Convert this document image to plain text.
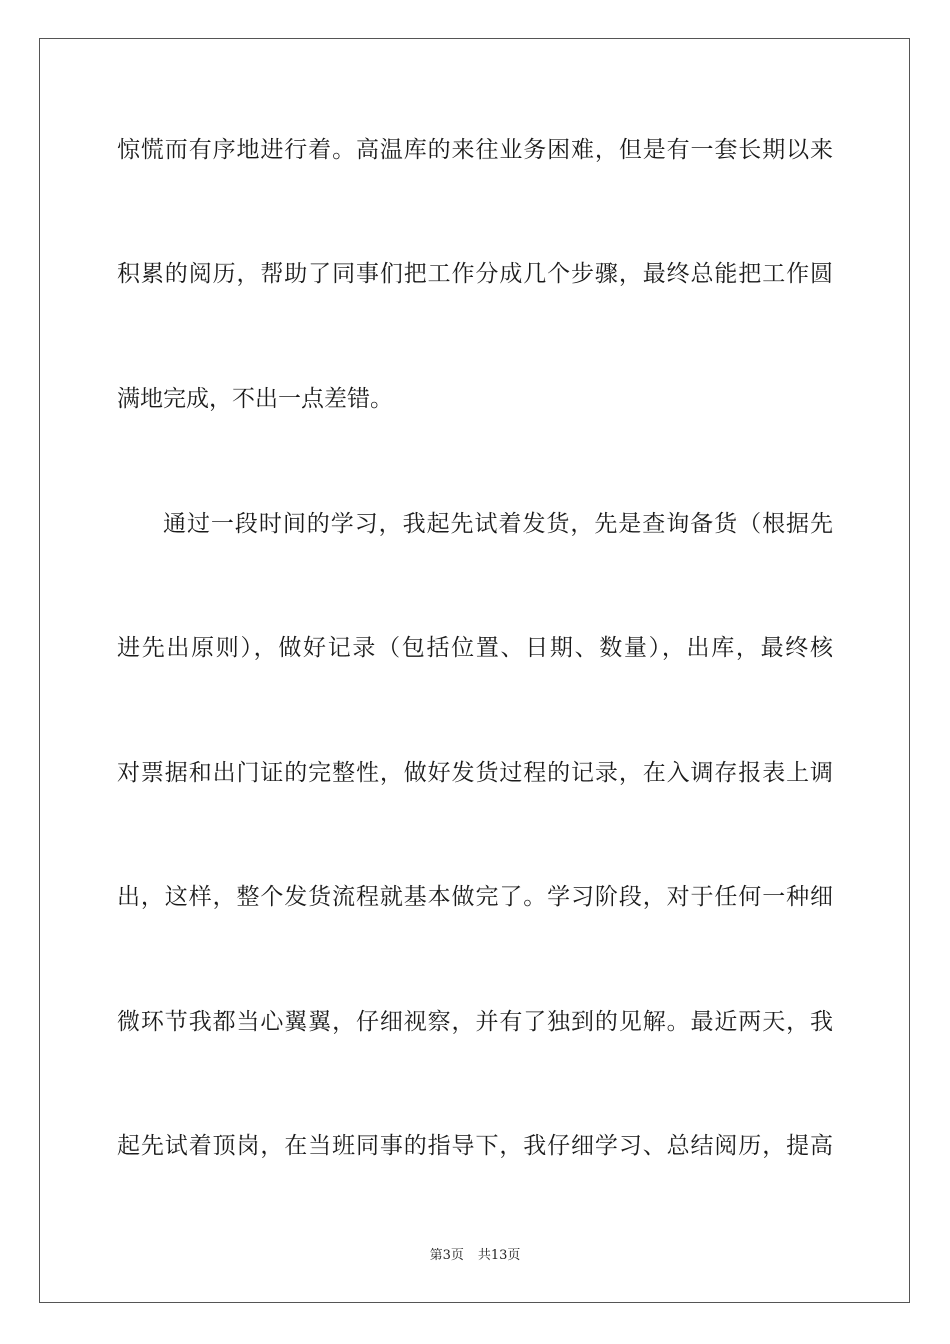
惊慌而有序地进行着。高温库的来往业务困难，但是有一套长期以来
积累的阅历，帮助了同事们把工作分成几个步骤，最终总能把工作圆
满地完成，不出一点差错。
通过一段时间的学习，我起先试着发货，先是查询备货（根据先
进先出原则），做好记录（包括位置、日期、数量），出库，最终核
对票据和出门证的完整性，做好发货过程的记录，在入调存报表上调
出，这样，整个发货流程就基本做完了。学习阶段，对于任何一种细
微环节我都当心翼翼，仔细视察，并有了独到的见解。最近两天，我
起先试着顶岗，在当班同事的指导下，我仔细学习、总结阅历，提高
第3页 共13页
